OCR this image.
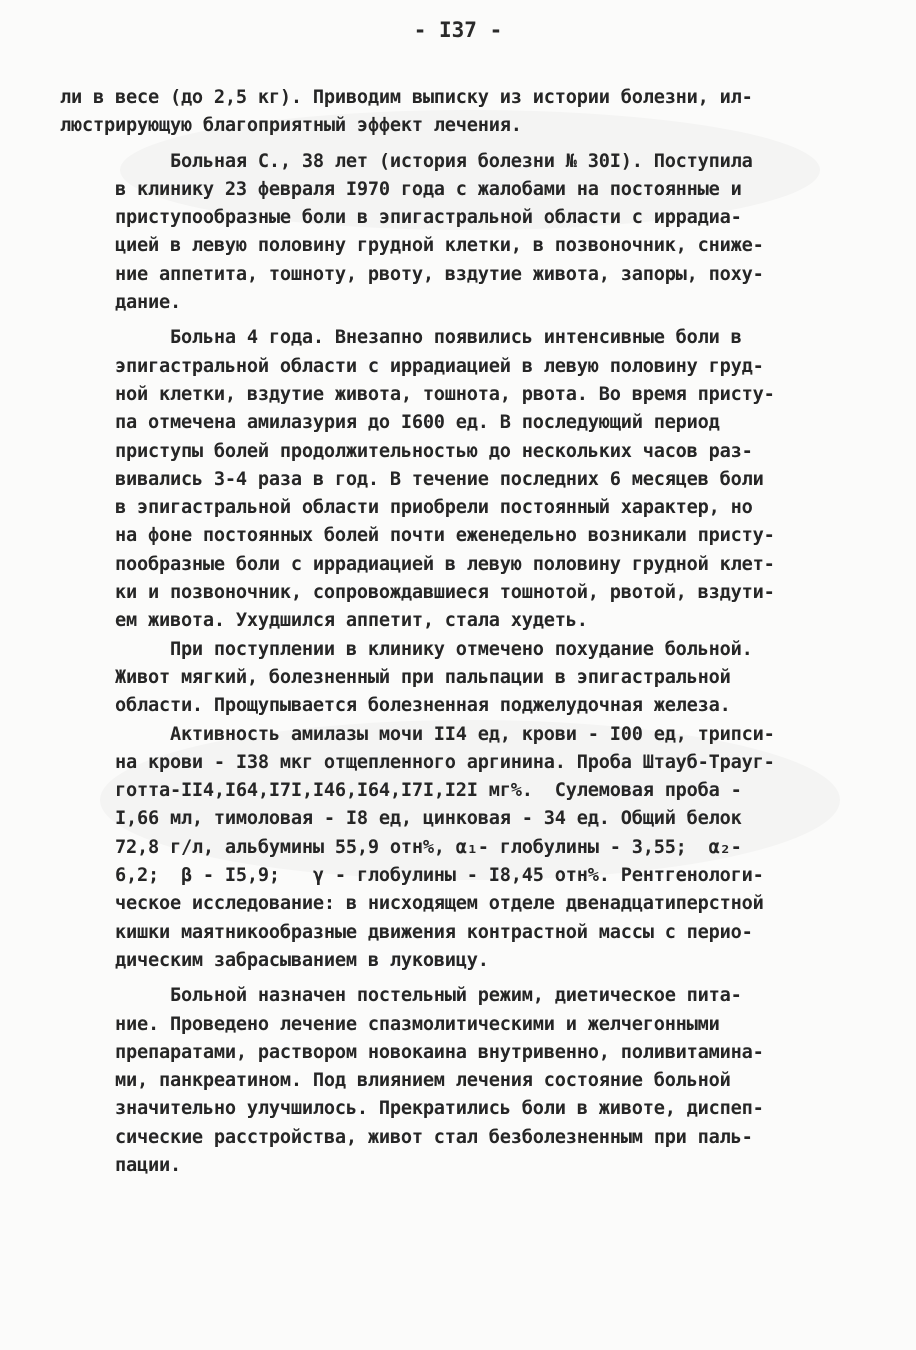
- I37 -
ли в весе (до 2,5 кг). Приводим выписку из истории болезни, ил-
люстрирующую благоприятный эффект лечения.
Больная С., 38 лет (история болезни № 30I). Поступила
в клинику 23 февраля I970 года с жалобами на постоянные и
приступообразные боли в эпигастральной области с иррадиа-
цией в левую половину грудной клетки, в позвоночник, сниже-
ние аппетита, тошноту, рвоту, вздутие живота, запоры, поху-
дание.
Больна 4 года. Внезапно появились интенсивные боли в
эпигастральной области с иррадиацией в левую половину груд-
ной клетки, вздутие живота, тошнота, рвота. Во время присту-
па отмечена амилазурия до I600 ед. В последующий период
приступы болей продолжительностью до нескольких часов раз-
вивались 3-4 раза в год. В течение последних 6 месяцев боли
в эпигастральной области приобрели постоянный характер, но
на фоне постоянных болей почти еженедельно возникали присту-
пообразные боли с иррадиацией в левую половину грудной клет-
ки и позвоночник, сопровождавшиеся тошнотой, рвотой, вздути-
ем живота. Ухудшился аппетит, стала худеть.
При поступлении в клинику отмечено похудание больной.
Живот мягкий, болезненный при пальпации в эпигастральной
области. Прощупывается болезненная поджелудочная железа.
Активность амилазы мочи II4 ед, крови - I00 ед, трипси-
на крови - I38 мкг отщепленного аргинина. Проба Штауб-Трауг-
готта-II4,I64,I7I,I46,I64,I7I,I2I мг%.  Сулемовая проба -
I,66 мл, тимоловая - I8 ед, цинковая - 34 ед. Общий белок
72,8 г/л, альбумины 55,9 отн%, α₁- глобулины - 3,55;  α₂-
6,2;  β - I5,9;   γ - глобулины - I8,45 отн%. Рентгенологи-
ческое исследование: в нисходящем отделе двенадцатиперстной
кишки маятникообразные движения контрастной массы с перио-
дическим забрасыванием в луковицу.
Больной назначен постельный режим, диетическое пита-
ние. Проведено лечение спазмолитическими и желчегонными
препаратами, раствором новокаина внутривенно, поливитамина-
ми, панкреатином. Под влиянием лечения состояние больной
значительно улучшилось. Прекратились боли в животе, диспеп-
сические расстройства, живот стал безболезненным при паль-
пации.
